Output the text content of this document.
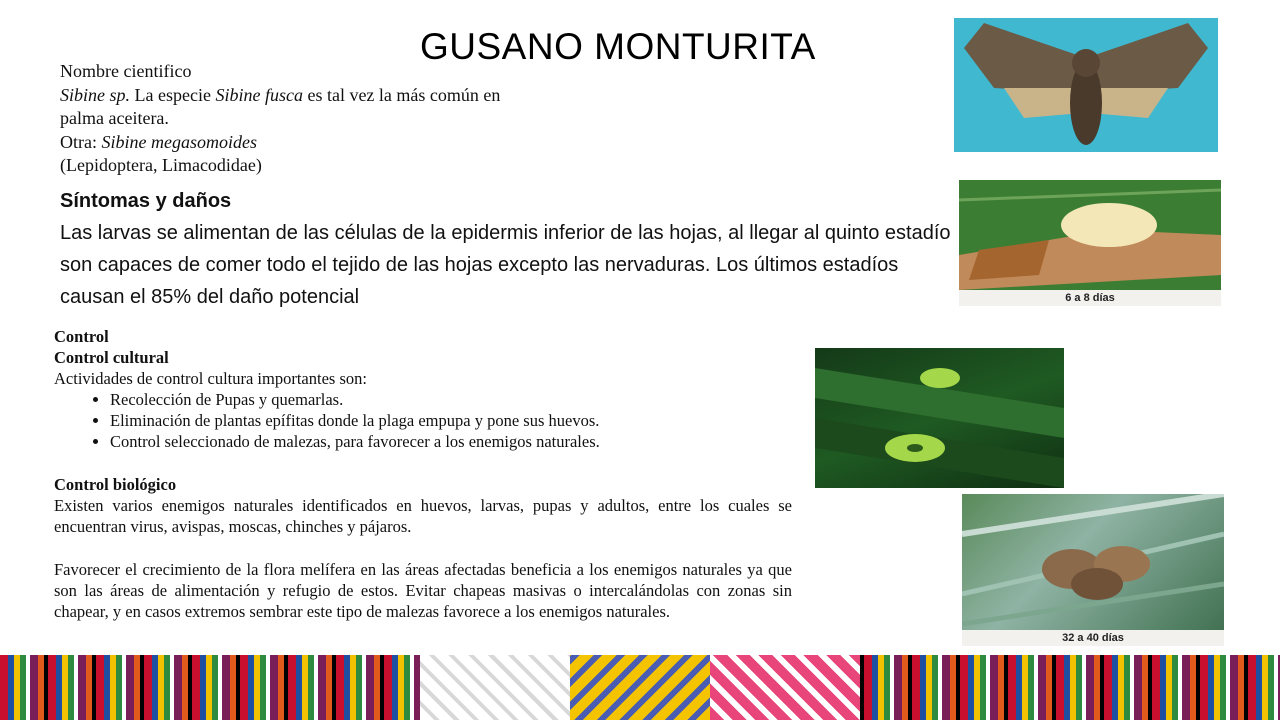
GUSANO MONTURITA
Nombre cientifico
Sibine sp. La especie Sibine fusca es tal vez la más común en palma aceitera.
Otra: Sibine megasomoides
(Lepidoptera, Limacodidae)
Síntomas y daños
Las larvas se alimentan de las células de la epidermis inferior de las hojas, al llegar al quinto estadío son capaces de comer todo el tejido de las hojas excepto las nervaduras. Los últimos estadíos causan el 85% del daño potencial
Control
Control cultural
Actividades de control cultura importantes son:
• Recolección de Pupas y quemarlas.
• Eliminación de plantas epífitas donde la plaga empupa y pone sus huevos.
• Control seleccionado de malezas, para favorecer a los enemigos naturales.
Control biológico

Existen varios enemigos naturales identificados en huevos, larvas, pupas y adultos, entre los cuales se encuentran virus, avispas, moscas, chinches y pájaros.

Favorecer el crecimiento de la flora melífera en las áreas afectadas beneficia a los enemigos naturales ya que son las áreas de alimentación y refugio de estos. Evitar chapeas masivas o intercalándolas con zonas sin chapear, y en casos extremos sembrar este tipo de malezas favorece a los enemigos naturales.

6 a 8 días
32 a 40 días
